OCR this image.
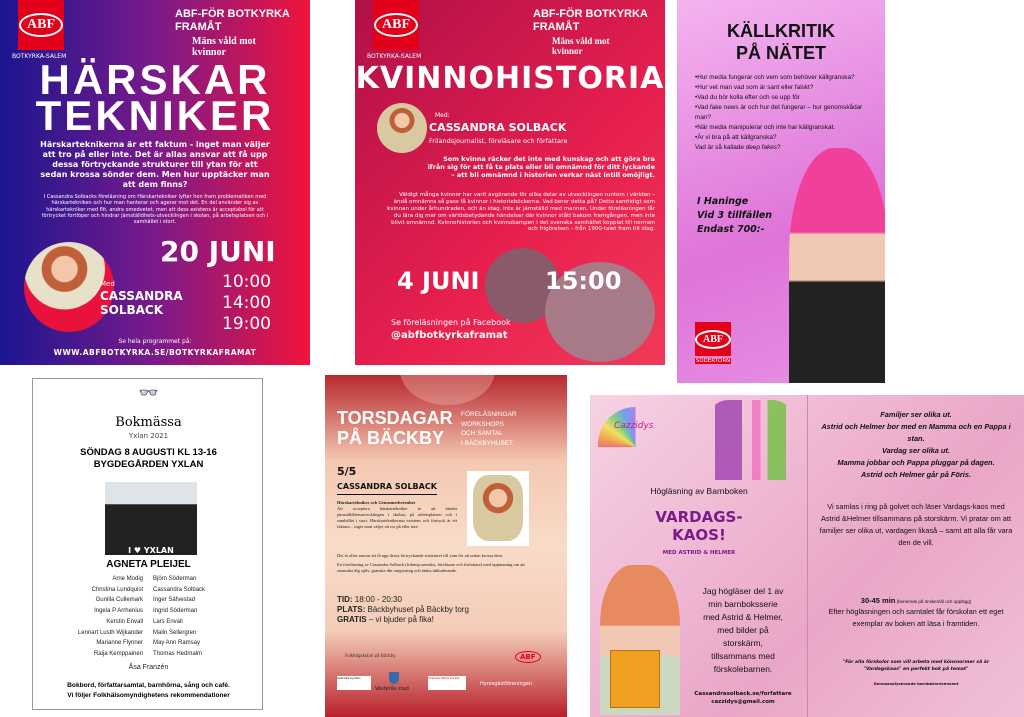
ABF
BOTKYRKA-SALEM
ABF-FÖR BOTKYRKA FRAMÅT
Mäns våld mot kvinnor
HÄRSKAR
TEKNIKER

Härskarteknikerna är ett faktum - inget man väljer att tro på eller inte. Det är allas ansvar att få upp dessa förtryckande strukturer till ytan för att sedan krossa sönder dem. Men hur upptäcker man att dem finns?

I Cassandra Solbacks föreläsning om Härskartekniker lyfter hon fram problematiken med härskartekniken och hur man hanterar och agerar mot det. En del använder sig av härskartekniker med flit, andra omedvetet, men att dess existens är acceptabel för att förtrycket fortlöper och hindrar jämställdhets-utvecklingen i skolan, på arbetsplatsen och i samhället i stort.

20 JUNI
10:00
14:00
19:00
Med
CASSANDRA
SOLBACK
Se hela programmet på:
WWW.ABFBOTKYRKA.SE/BOTKYRKAFRAMAT
ABF
BOTKYRKA-SALEM
ABF-FÖR BOTKYRKA FRAMÅT
Mäns våld mot kvinnor
KVINNOHISTORIA
Med:
CASSANDRA SOLBACK
Frilandsjournalist, föreläsare och författare

Som kvinna räcker det inte med kunskap och att göra bra ifrån sig för att få ta plats eller bli omnämnd för ditt lyckande – att bli omnämnd i historien verkar näst intill omöjligt.

Väldigt många kvinnor har varit avgörande för olika delar av utvecklingen runtom i världen – ändå omnämns så pass få kvinnor i historieböckerna. Vad beror detta på? Detta samtidigt som kvinnan under århundraden, och än idag, inte är jämställd med mannen. Under föreläsningen får du lära dig mer om världsbetydande händelser där kvinnor stått bakom framgången, men inte blivit omnämnd. Kvinnohistorien och kvinnokampen i det svenska samhället kopplat till normen och frigörelsen – från 1900-talet fram till idag.

4 JUNI	15:00
Se föreläsningen på Facebook
@abfbotkyrkaframat
KÄLLKRITIK
PÅ NÄTET
•Hur media fungerar och vem som behöver källgranska?
•Hur vet man vad som är sant eller falskt?
•Vad du bör kolla efter och se upp för
•Vad fake news är och hur det fungerar – hur genomskådar man?
•När media manipulerar och inte har källgranskat.
•Är vi bra på att källgranska?
Vad är så kallade deep fakes?
I Haninge
Vid 3 tillfällen
Endast 700:-
ABF
SÖDERTÖRN
👓
Bokmässa
Yxlan 2021
SÖNDAG 8 AUGUSTI KL 13-16
BYGDEGÅRDEN YXLAN
I ♥ YXLAN
AGNETA PLEIJEL
Arne Modig
Christina Lundquist
Gunilla Cullemark
Ingela P Arrhenius
Kerstin Envall
Lennart Lusth Wijkander
Marianne Flynner
Raija Kemppainen
Björn Söderman
Cassandra Solback
Inger Säfvestad
Ingrid Söderman
Lars Envall
Malin Sellergren
May Ann Ramsay
Thomas Hedmalm
Åsa Franzén
Bokbord, författarsamtal, barnhörna, sång och café.
Vi följer Folkhälsomyndighetens rekommendationer
TORSDAGAR
PÅ BÄCKBY
FÖRELÄSNINGAR
WORKSHOPS
OCH SAMTAL
I BÄCKBYHUSET.
5/5
CASSANDRA SOLBACK
Härskartekniker och Genusmedvetenhet
Att acceptera härskartekniker är att hindra jämställdhetsutvecklingen i skolan, på arbetsplatsen och i samhället i stort. Härskarteknikernas existens och förtryck är ett faktum – inget man väljer att tro på eller inte.
Det är allas ansvar att få upp dessa förtryckande strukturer till ytan för att sedan krossa dem.
En föreläsning av Cassandra Solback (frilansjournalist, föreläsare och författare) med uppmaning om att rannsaka dig själv, granska din omgivning och tänka inkluderande.
TID: 18:00 - 20:30
PLATS: Bäckbyhuset på Bäckby torg
GRATIS – vi bjuder på fika!
Folkhögskolan på Bäckby	ABF
Svenska kyrkan
Västerås stad
Svenska Röda Korset
Hyresgästföreningen
Cazzidys
Högläsning av Barnboken
VARDAGS-
KAOS!
MED ASTRID & HELMER
Jag högläser del 1 av
min barnboksserie
med Astrid & Helmer,
med bilder på
storskärm,
tillsammans med
förskolebarnen.
Cassandrasolback.se/forfattare
cazzidys@gmail.com
Familjer ser olika ut.
Astrid och Helmer bor med en Mamma och en Pappa i stan.
Vardag ser olika ut.
Mamma jobbar och Pappa pluggar på dagen.
Astrid och Helmer går på Föris.

Vi samlas i ring på golvet och läser Vardags-kaos med Astrid &Helmer tillsammans på storskärm. Vi pratar om att familjer ser olika ut, vardagen likaså – samt att alla får vara den de vill.

30-45 min (beroende på önskemål och upplägg)

Efter högläsningen och samtalet får förskolan ett eget exemplar av boken att läsa i framtiden.

"För alla förskolor som vill arbeta med könsnormer så är "Vardagskaos" en perfekt bok på temat"

Genusanalyserande barnboksrecensent
